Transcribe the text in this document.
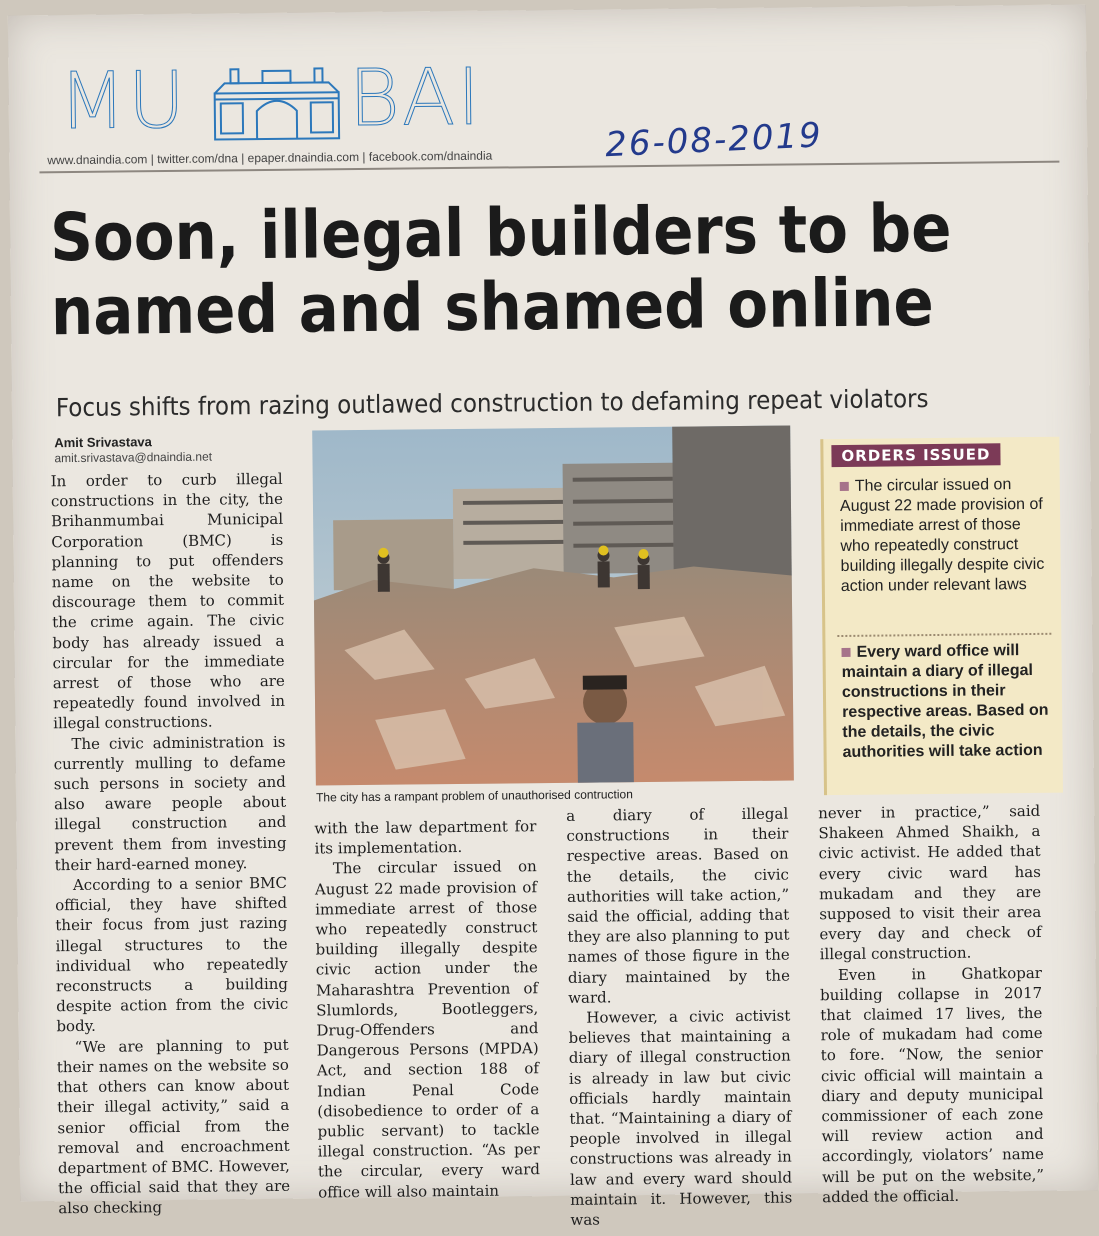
MU BAI
www.dnaindia.com | twitter.com/dna | epaper.dnaindia.com | facebook.com/dnaindia	26-08-2019
Soon, illegal builders to be
named and shamed online
Focus shifts from razing outlawed construction to defaming repeat violators
Amit Srivastava
amit.srivastava@dnaindia.net

In order to curb illegal constructions in the city, the Brihanmumbai Municipal Corporation (BMC) is planning to put offenders name on the website to discourage them to commit the crime again. The civic body has already issued a circular for the immediate arrest of those who are repeatedly found involved in illegal constructions.

The civic administration is currently mulling to defame such persons in society and also aware people about illegal construction and prevent them from investing their hard-earned money.

According to a senior BMC official, they have shifted their focus from just razing illegal structures to the individual who repeatedly reconstructs a building despite action from the civic body.

“We are planning to put their names on the website so that others can know about their illegal activity,” said a senior official from the removal and encroachment department of BMC. However, the official said that they are also checking

The city has a rampant problem of unauthorised contruction
ORDERS ISSUED
The circular issued on August 22 made provision of immediate arrest of those who repeatedly construct building illegally despite civic action under relevant laws
Every ward office will maintain a diary of illegal constructions in their respective areas. Based on the details, the civic authorities will take action

with the law department for its implementation.

The circular issued on August 22 made provision of immediate arrest of those who repeatedly construct building illegally despite civic action under the Maharashtra Prevention of Slumlords, Bootleggers, Drug-Offenders and Dangerous Persons (MPDA) Act, and section 188 of Indian Penal Code (disobedience to order of a public servant) to tackle illegal construction. “As per the circular, every ward office will also maintain

a diary of illegal constructions in their respective areas. Based on the details, the civic authorities will take action,” said the official, adding that they are also planning to put names of those figure in the diary maintained by the ward.

However, a civic activist believes that maintaining a diary of illegal construction is already in law but civic officials hardly maintain that. “Maintaining a diary of people involved in illegal constructions was already in law and every ward should maintain it. However, this was

never in practice,” said Shakeen Ahmed Shaikh, a civic activist. He added that every civic ward has mukadam and they are supposed to visit their area every day and check of illegal construction.

Even in Ghatkopar building collapse in 2017 that claimed 17 lives, the role of mukadam had come to fore. “Now, the senior civic official will maintain a diary and deputy municipal commissioner of each zone will review action and accordingly, violators’ name will be put on the website,” added the official.
